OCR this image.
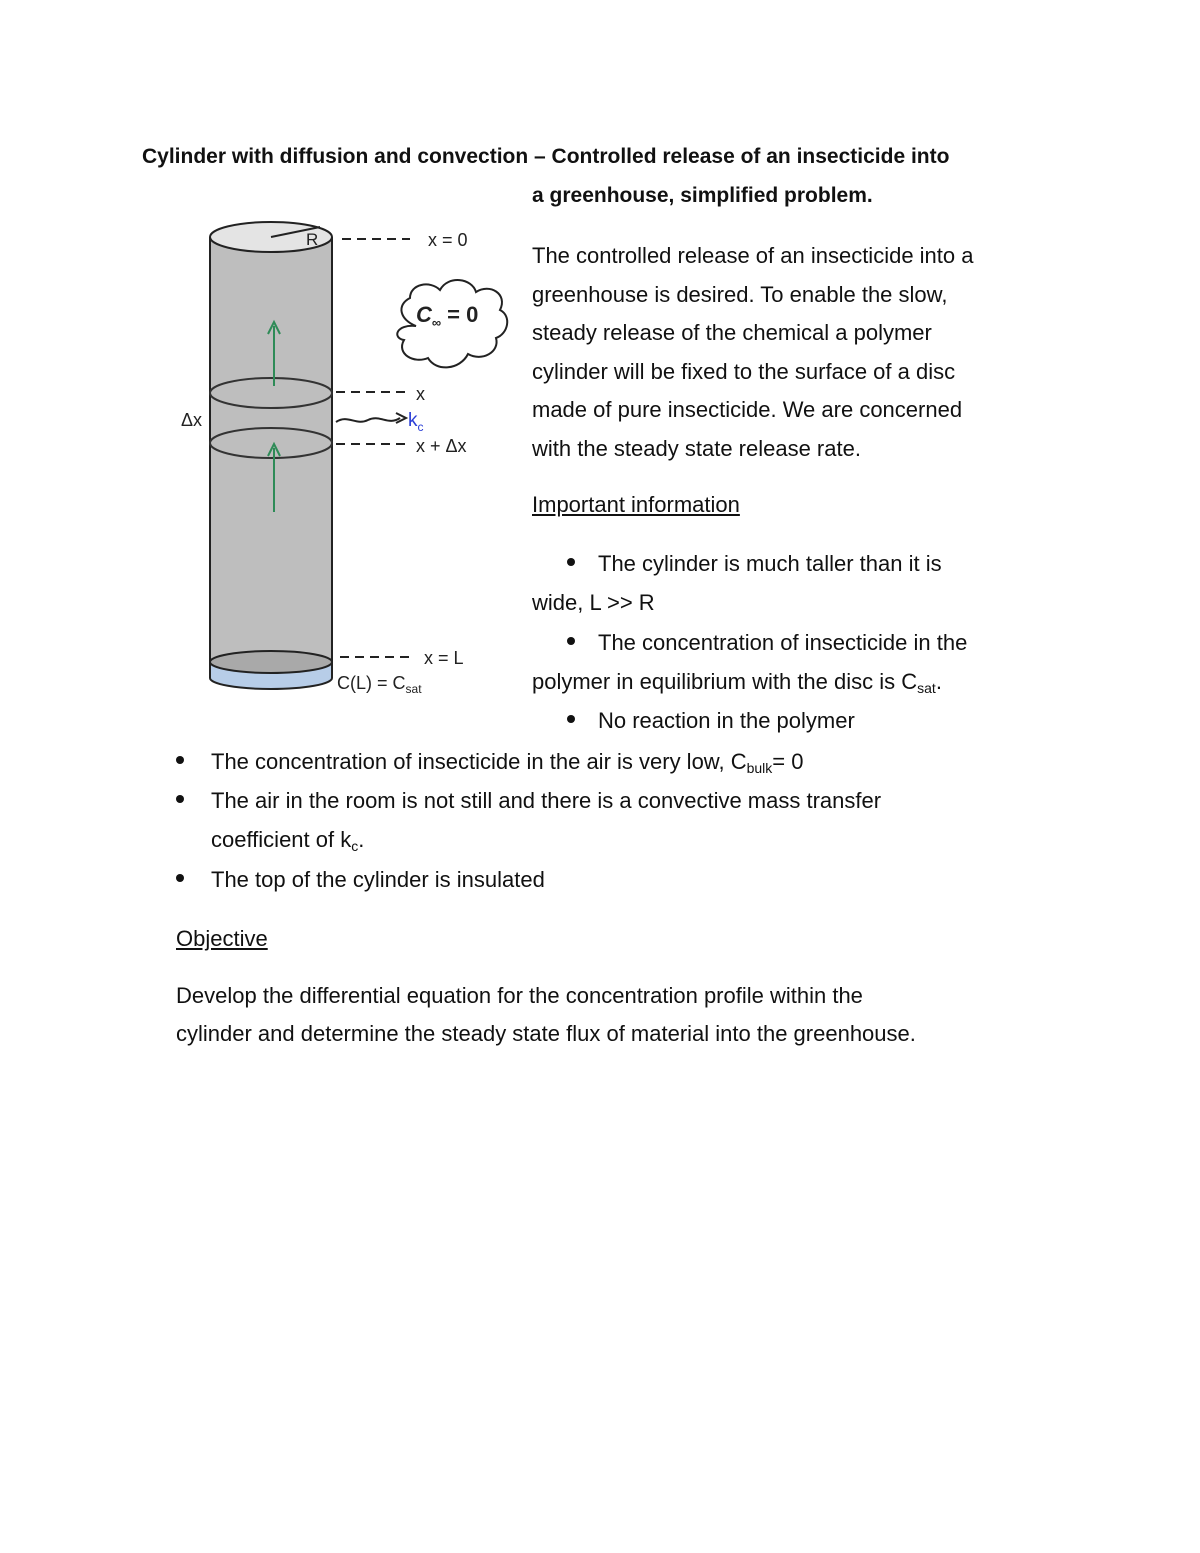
Cylinder with diffusion and convection – Controlled release of an insecticide into
a greenhouse, simplified problem.
R	x = 0
x
$k_c$
x + Δx
Δx
x = L
$C(L) = C_{sat}$
$C_\infty = 0$
The controlled release of an insecticide into a
greenhouse is desired. To enable the slow,
steady release of the chemical a polymer
cylinder will be fixed to the surface of a disc
made of pure insecticide. We are concerned
with the steady state release rate.
Important information
The cylinder is much taller than it is
wide, L >> R
The concentration of insecticide in the
polymer in equilibrium with the disc is $C_{sat}$.
No reaction in the polymer
The concentration of insecticide in the air is very low, $C_{bulk}= 0$
The air in the room is not still and there is a convective mass transfer
coefficient of $k_c$.
The top of the cylinder is insulated
Objective
Develop the differential equation for the concentration profile within the
cylinder and determine the steady state flux of material into the greenhouse.
